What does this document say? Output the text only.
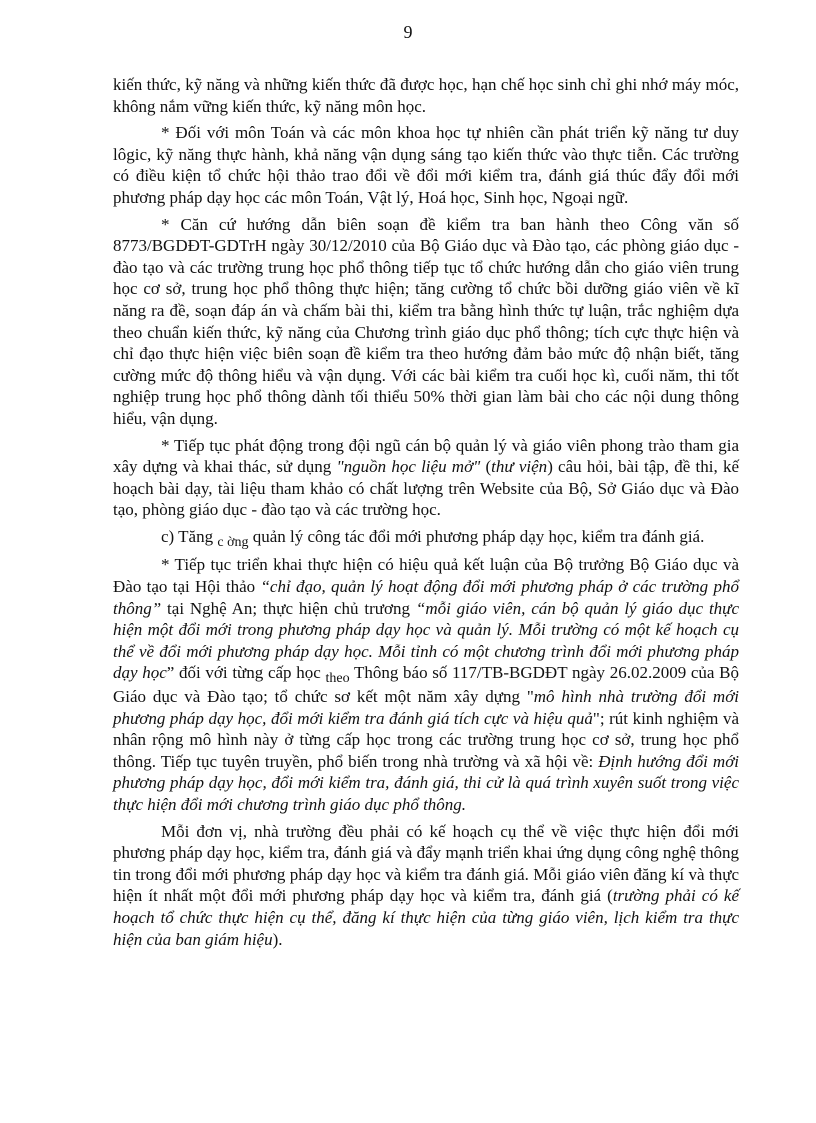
9

kiến thức, kỹ năng và những kiến thức đã được học, hạn chế học sinh chỉ ghi nhớ máy móc, không nắm vững kiến thức, kỹ năng môn học.

* Đối với môn Toán và các môn khoa học tự nhiên cần phát triển kỹ năng tư duy lôgic, kỹ năng thực hành, khả năng vận dụng sáng tạo kiến thức vào thực tiễn. Các trường có điều kiện tổ chức hội thảo trao đổi về đổi mới kiểm tra, đánh giá thúc đẩy đổi mới phương pháp dạy học các môn Toán, Vật lý, Hoá học, Sinh học, Ngoại ngữ.

* Căn cứ hướng dẫn biên soạn đề kiểm tra ban hành theo Công văn số 8773/BGDĐT-GDTrH ngày 30/12/2010 của Bộ Giáo dục và Đào tạo, các phòng giáo dục - đào tạo và các trường trung học phổ thông tiếp tục tổ chức hướng dẫn cho giáo viên trung học cơ sở, trung học phổ thông thực hiện; tăng cường tổ chức bồi dưỡng giáo viên về kĩ năng ra đề, soạn đáp án và chấm bài thi, kiểm tra bằng hình thức tự luận, trắc nghiệm dựa theo chuẩn kiến thức, kỹ năng của Chương trình giáo dục phổ thông; tích cực thực hiện và chỉ đạo thực hiện việc biên soạn đề kiểm tra theo hướng đảm bảo mức độ nhận biết, tăng cường mức độ thông hiểu và vận dụng. Với các bài kiểm tra cuối học kì, cuối năm, thi tốt nghiệp trung học phổ thông dành tối thiểu 50% thời gian làm bài cho các nội dung thông hiểu, vận dụng.

* Tiếp tục phát động trong đội ngũ cán bộ quản lý và giáo viên phong trào tham gia xây dựng và khai thác, sử dụng "nguồn học liệu mở" (thư viện) câu hỏi, bài tập, đề thi, kế hoạch bài dạy, tài liệu tham khảo có chất lượng trên Website của Bộ, Sở Giáo dục và Đào tạo, phòng giáo dục - đào tạo và các trường học.

c) Tăng $_c$ $_{ờng}$ quản lý công tác đổi mới phương pháp dạy học, kiểm tra đánh giá.

* Tiếp tục triển khai thực hiện có hiệu quả kết luận của Bộ trưởng Bộ Giáo dục và Đào tạo tại Hội thảo “chỉ đạo, quản lý hoạt động đổi mới phương pháp ở các trường phổ thông” tại Nghệ An; thực hiện chủ trương “mỗi giáo viên, cán bộ quản lý giáo dục thực hiện một đổi mới trong phương pháp dạy học và quản lý. Mỗi trường có một kế hoạch cụ thể về đổi mới phương pháp dạy học. Mỗi tỉnh có một chương trình đổi mới phương pháp dạy học” đối với từng cấp học $_{theo}$ Thông báo số 117/TB-BGDĐT ngày 26.02.2009 của Bộ Giáo dục và Đào tạo; tổ chức sơ kết một năm xây dựng "mô hình nhà trường đổi mới phương pháp dạy học, đổi mới kiểm tra đánh giá tích cực và hiệu quả"; rút kinh nghiệm và nhân rộng mô hình này ở từng cấp học trong các trường trung học cơ sở, trung học phổ thông. Tiếp tục tuyên truyền, phổ biến trong nhà trường và xã hội về: Định hướng đổi mới phương pháp dạy học, đổi mới kiểm tra, đánh giá, thi cử là quá trình xuyên suốt trong việc thực hiện đổi mới chương trình giáo dục phổ thông.

Mỗi đơn vị, nhà trường đều phải có kế hoạch cụ thể về việc thực hiện đổi mới phương pháp dạy học, kiểm tra, đánh giá và đẩy mạnh triển khai ứng dụng công nghệ thông tin trong đổi mới phương pháp dạy học và kiểm tra đánh giá. Mỗi giáo viên đăng kí và thực hiện ít nhất một đổi mới phương pháp dạy học và kiểm tra, đánh giá (trường phải có kế hoạch tổ chức thực hiện cụ thể, đăng kí thực hiện của từng giáo viên, lịch kiểm tra thực hiện của ban giám hiệu).
